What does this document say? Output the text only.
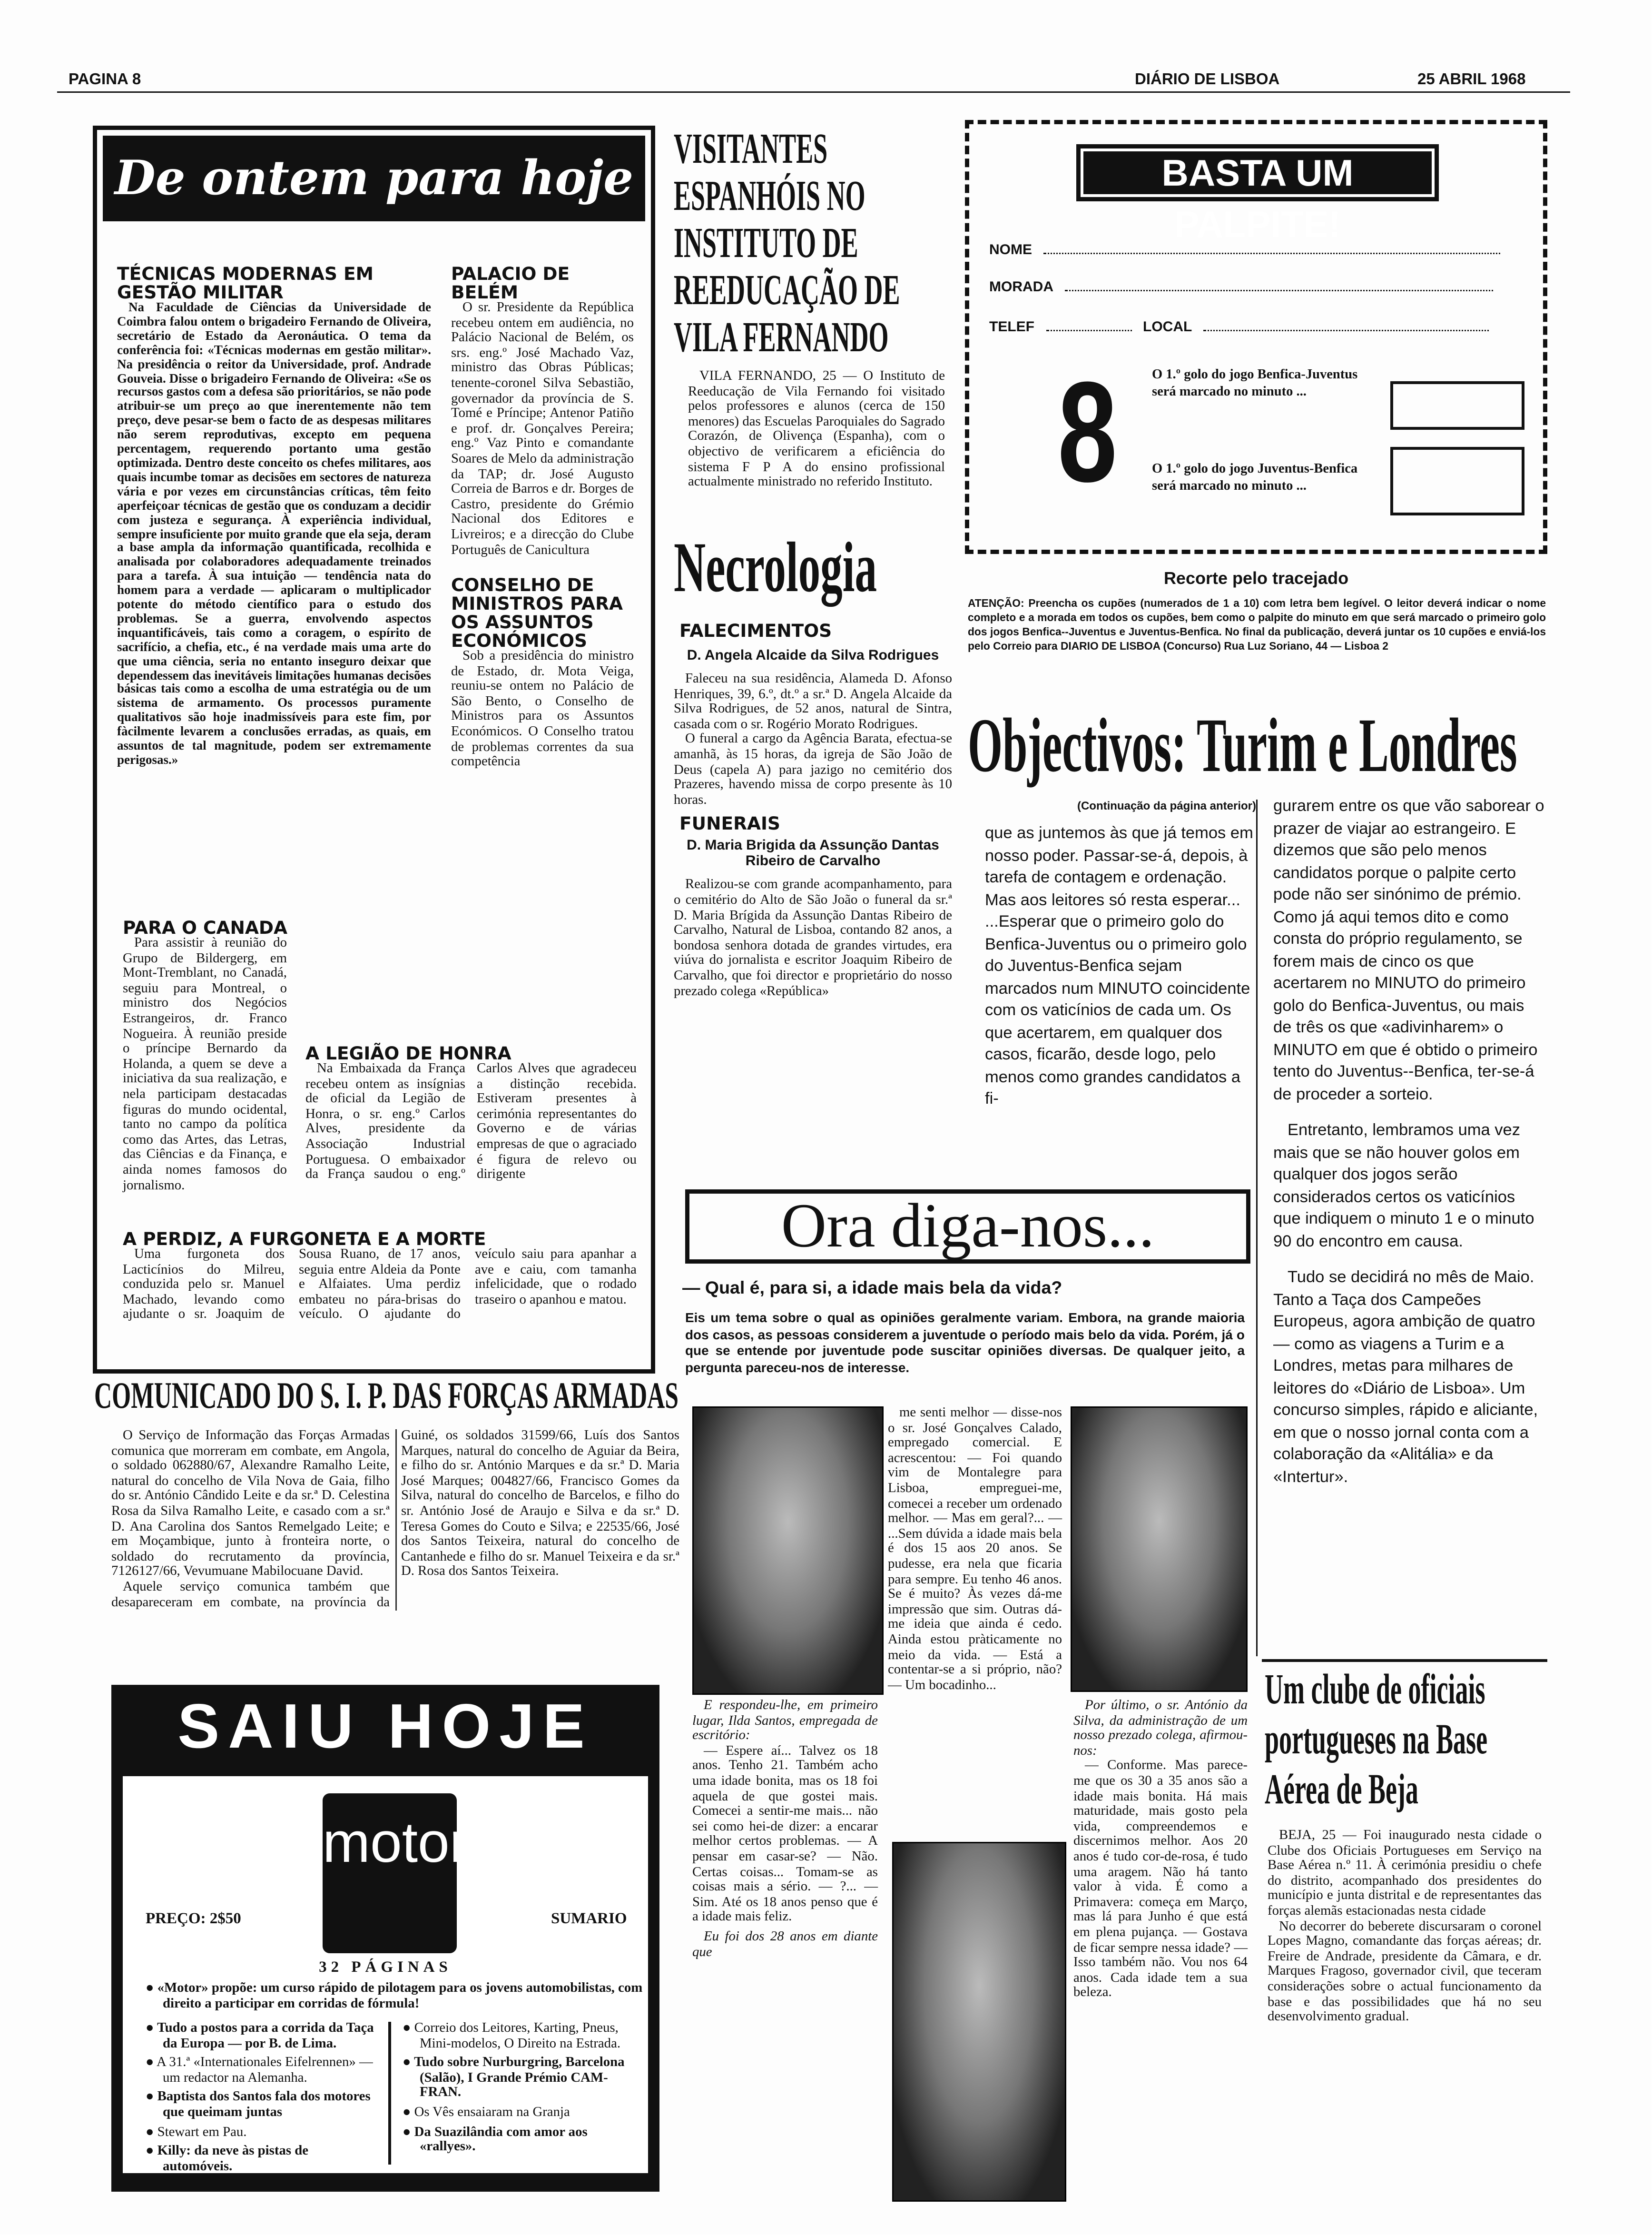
PAGINA 8	DIÁRIO DE LISBOA	25 ABRIL 1968
De ontem para hoje

TÉCNICAS MODERNAS EM GESTÃO MILITAR

Na Faculdade de Ciências da Universidade de Coimbra falou ontem o brigadeiro Fernando de Oliveira, secretário de Estado da Aeronáutica. O tema da conferência foi: «Técnicas modernas em gestão militar». Na presidência o reitor da Universidade, prof. Andrade Gouveia. Disse o brigadeiro Fernando de Oliveira: «Se os recursos gastos com a defesa são prioritários, se não pode atribuir-se um preço ao que inerentemente não tem preço, deve pesar-se bem o facto de as despesas militares não serem reprodutivas, excepto em pequena percentagem, requerendo portanto uma gestão optimizada. Dentro deste conceito os chefes militares, aos quais incumbe tomar as decisões em sectores de natureza vária e por vezes em circunstâncias críticas, têm feito aperfeiçoar técnicas de gestão que os conduzam a decidir com justeza e segurança. À experiência individual, sempre insuficiente por muito grande que ela seja, deram a base ampla da informação quantificada, recolhida e analisada por colaboradores adequadamente treinados para a tarefa. À sua intuição — tendência nata do homem para a verdade — aplicaram o multiplicador potente do método científico para o estudo dos problemas. Se a guerra, envolvendo aspectos inquantificáveis, tais como a coragem, o espírito de sacrifício, a chefia, etc., é na verdade mais uma arte do que uma ciência, seria no entanto inseguro deixar que dependessem das inevitáveis limitações humanas decisões básicas tais como a escolha de uma estratégia ou de um sistema de armamento. Os processos puramente qualitativos são hoje inadmissíveis para este fim, por fàcilmente levarem a conclusões erradas, as quais, em assuntos de tal magnitude, podem ser extremamente perigosas.»

PALACIO DE BELÉM

O sr. Presidente da República recebeu ontem em audiência, no Palácio Nacional de Belém, os srs. eng.º José Machado Vaz, ministro das Obras Públicas; tenente-coronel Silva Sebastião, governador da província de S. Tomé e Príncipe; Antenor Patiño e prof. dr. Gonçalves Pereira; eng.º Vaz Pinto e comandante Soares de Melo da administração da TAP; dr. José Augusto Correia de Barros e dr. Borges de Castro, presidente do Grémio Nacional dos Editores e Livreiros; e a direcção do Clube Português de Canicultura

CONSELHO DE MINISTROS PARA OS ASSUNTOS ECONÓMICOS

Sob a presidência do ministro de Estado, dr. Mota Veiga, reuniu-se ontem no Palácio de São Bento, o Conselho de Ministros para os Assuntos Económicos. O Conselho tratou de problemas correntes da sua competência

PARA O CANADA

Para assistir à reunião do Grupo de Bildergerg, em Mont-Tremblant, no Canadá, seguiu para Montreal, o ministro dos Negócios Estrangeiros, dr. Franco Nogueira. À reunião preside o príncipe Bernardo da Holanda, a quem se deve a iniciativa da sua realização, e nela participam destacadas figuras do mundo ocidental, tanto no campo da política como das Artes, das Letras, das Ciências e da Finança, e ainda nomes famosos do jornalismo.

A LEGIÃO DE HONRA

Na Embaixada da França recebeu ontem as insígnias de oficial da Legião de Honra, o sr. eng.º Carlos Alves, presidente da Associação Industrial Portuguesa. O embaixador da França saudou o eng.º Carlos Alves que agradeceu a distinção recebida. Estiveram presentes à cerimónia representantes do Governo e de várias empresas de que o agraciado é figura de relevo ou dirigente

A PERDIZ, A FURGONETA E A MORTE

Uma furgoneta dos Lacticínios do Milreu, conduzida pelo sr. Manuel Machado, levando como ajudante o sr. Joaquim de Sousa Ruano, de 17 anos, seguia entre Aldeia da Ponte e Alfaiates. Uma perdiz embateu no pára-brisas do veículo. O ajudante do veículo saiu para apanhar a ave e caiu, com tamanha infelicidade, que o rodado traseiro o apanhou e matou.

COMUNICADO DO S. I. P. DAS FORÇAS ARMADAS

O Serviço de Informação das Forças Armadas comunica que morreram em combate, em Angola, o soldado 062880/67, Alexandre Ramalho Leite, natural do concelho de Vila Nova de Gaia, filho do sr. António Cândido Leite e da sr.ª D. Celestina Rosa da Silva Ramalho Leite, e casado com a sr.ª D. Ana Carolina dos Santos Remelgado Leite; e em Moçambique, junto à fronteira norte, o soldado do recrutamento da província, 7126127/66, Vevumuane Mabilocuane David.

Aquele serviço comunica também que desapareceram em combate, na província da Guiné, os soldados 31599/66, Luís dos Santos Marques, natural do concelho de Aguiar da Beira, e filho do sr. António Marques e da sr.ª D. Maria José Marques; 004827/66, Francisco Gomes da Silva, natural do concelho de Barcelos, e filho do sr. António José de Araujo e Silva e da sr.ª D. Teresa Gomes do Couto e Silva; e 22535/66, José dos Santos Teixeira, natural do concelho de Cantanhede e filho do sr. Manuel Teixeira e da sr.ª D. Rosa dos Santos Teixeira.

SAIU HOJE
motor
PREÇO: 2$50	SUMARIO
32 PÁGINAS

● «Motor» propõe: um curso rápido de pilotagem para os jovens automobilistas, com direito a participar em corridas de fórmula!

● Tudo a postos para a corrida da Taça da Europa — por B. de Lima.

● A 31.ª «Internationales Eifelrennen» — um redactor na Alemanha.

● Baptista dos Santos fala dos motores que queimam juntas

● Stewart em Pau.

● Killy: da neve às pistas de automóveis.

● Correio dos Leitores, Karting, Pneus, Mini-modelos, O Direito na Estrada.

● Tudo sobre Nurburgring, Barcelona (Salão), I Grande Prémio CAM-FRAN.

● Os Vês ensaiaram na Granja

● Da Suazilândia com amor aos «rallyes».

VISITANTES ESPANHÓIS NO INSTITUTO DE REEDUCAÇÃO DE VILA FERNANDO

VILA FERNANDO, 25 — O Instituto de Reeducação de Vila Fernando foi visitado pelos professores e alunos (cerca de 150 menores) das Escuelas Paroquiales do Sagrado Corazón, de Olivença (Espanha), com o objectivo de verificarem a eficiência do sistema F P A do ensino profissional actualmente ministrado no referido Instituto.

Necrologia

FALECIMENTOS

D. Angela Alcaide da Silva Rodrigues

Faleceu na sua residência, Alameda D. Afonso Henriques, 39, 6.º, dt.º a sr.ª D. Angela Alcaide da Silva Rodrigues, de 52 anos, natural de Sintra, casada com o sr. Rogério Morato Rodrigues.

O funeral a cargo da Agência Barata, efectua-se amanhã, às 15 horas, da igreja de São João de Deus (capela A) para jazigo no cemitério dos Prazeres, havendo missa de corpo presente às 10 horas.

FUNERAIS

D. Maria Brigida da Assunção Dantas Ribeiro de Carvalho

Realizou-se com grande acompanhamento, para o cemitério do Alto de São João o funeral da sr.ª D. Maria Brígida da Assunção Dantas Ribeiro de Carvalho, Natural de Lisboa, contando 82 anos, a bondosa senhora dotada de grandes virtudes, era viúva do jornalista e escritor Joaquim Ribeiro de Carvalho, que foi director e proprietário do nosso prezado colega «República»

BASTA UM PALPITE!
NOME
MORADA
TELEF	LOCAL
8	O 1.º golo do jogo Benfica-Juventus será marcado no minuto ...

O 1.º golo do jogo Juventus-Benfica será marcado no minuto ...

Recorte pelo tracejado

ATENÇÃO: Preencha os cupões (numerados de 1 a 10) com letra bem legível. O leitor deverá indicar o nome completo e a morada em todos os cupões, bem como o palpite do minuto em que será marcado o primeiro golo dos jogos Benfica--Juventus e Juventus-Benfica. No final da publicação, deverá juntar os 10 cupões e enviá-los pelo Correio para DIARIO DE LISBOA (Concurso) Rua Luz Soriano, 44 — Lisboa 2

Objectivos: Turim e Londres

(Continuação da página anterior)

que as juntemos às que já temos em nosso poder. Passar-se-á, depois, à tarefa de contagem e ordenação. Mas aos leitores só resta esperar... ...Esperar que o primeiro golo do Benfica-Juventus ou o primeiro golo do Juventus-Benfica sejam marcados num MINUTO coincidente com os vaticínios de cada um. Os que acertarem, em qualquer dos casos, ficarão, desde logo, pelo menos como grandes candidatos a fi-

gurarem entre os que vão saborear o prazer de viajar ao estrangeiro. E dizemos que são pelo menos candidatos porque o palpite certo pode não ser sinónimo de prémio. Como já aqui temos dito e como consta do próprio regulamento, se forem mais de cinco os que acertarem no MINUTO do primeiro golo do Benfica-Juventus, ou mais de três os que «adivinharem» o MINUTO em que é obtido o primeiro tento do Juventus--Benfica, ter-se-á de proceder a sorteio.

Entretanto, lembramos uma vez mais que se não houver golos em qualquer dos jogos serão considerados certos os vaticínios que indiquem o minuto 1 e o minuto 90 do encontro em causa.

Tudo se decidirá no mês de Maio. Tanto a Taça dos Campeões Europeus, agora ambição de quatro — como as viagens a Turim e a Londres, metas para milhares de leitores do «Diário de Lisboa». Um concurso simples, rápido e aliciante, em que o nosso jornal conta com a colaboração da «Alitália» e da «Intertur».

Ora diga-nos...
— Qual é, para si, a idade mais bela da vida?

Eis um tema sobre o qual as opiniões geralmente variam. Embora, na grande maioria dos casos, as pessoas considerem a juventude o período mais belo da vida. Porém, já o que se entende por juventude pode suscitar opiniões diversas. De qualquer jeito, a pergunta pareceu-nos de interesse.

E respondeu-lhe, em primeiro lugar, Ilda Santos, empregada de escritório:

— Espere aí... Talvez os 18 anos. Tenho 21. Também acho uma idade bonita, mas os 18 foi aquela de que gostei mais. Comecei a sentir-me mais... não sei como hei-de dizer: a encarar melhor certos problemas. — A pensar em casar-se? — Não. Certas coisas... Tomam-se as coisas mais a sério. — ?... — Sim. Até os 18 anos penso que é a idade mais feliz.

Eu foi dos 28 anos em diante que

me senti melhor — disse-nos o sr. José Gonçalves Calado, empregado comercial. E acrescentou: — Foi quando vim de Montalegre para Lisboa, empreguei-me, comecei a receber um ordenado melhor. — Mas em geral?... — ...Sem dúvida a idade mais bela é dos 15 aos 20 anos. Se pudesse, era nela que ficaria para sempre. Eu tenho 46 anos. Se é muito? Às vezes dá-me impressão que sim. Outras dá-me ideia que ainda é cedo. Ainda estou pràticamente no meio da vida. — Está a contentar-se a si próprio, não? — Um bocadinho...

Por último, o sr. António da Silva, da administração de um nosso prezado colega, afirmou-nos:

— Conforme. Mas parece-me que os 30 a 35 anos são a idade mais bonita. Há mais maturidade, mais gosto pela vida, compreendemos e discernimos melhor. Aos 20 anos é tudo cor-de-rosa, é tudo uma aragem. Não há tanto valor à vida. É como a Primavera: começa em Março, mas lá para Junho é que está em plena pujança. — Gostava de ficar sempre nessa idade? — Isso também não. Vou nos 64 anos. Cada idade tem a sua beleza.

Um clube de oficiais portugueses na Base Aérea de Beja

BEJA, 25 — Foi inaugurado nesta cidade o Clube dos Oficiais Portugueses em Serviço na Base Aérea n.º 11. À cerimónia presidiu o chefe do distrito, acompanhado dos presidentes do município e junta distrital e de representantes das forças alemãs estacionadas nesta cidade

No decorrer do beberete discursaram o coronel Lopes Magno, comandante das forças aéreas; dr. Freire de Andrade, presidente da Câmara, e dr. Marques Fragoso, governador civil, que teceram considerações sobre o actual funcionamento da base e das possibilidades que há no seu desenvolvimento gradual.
